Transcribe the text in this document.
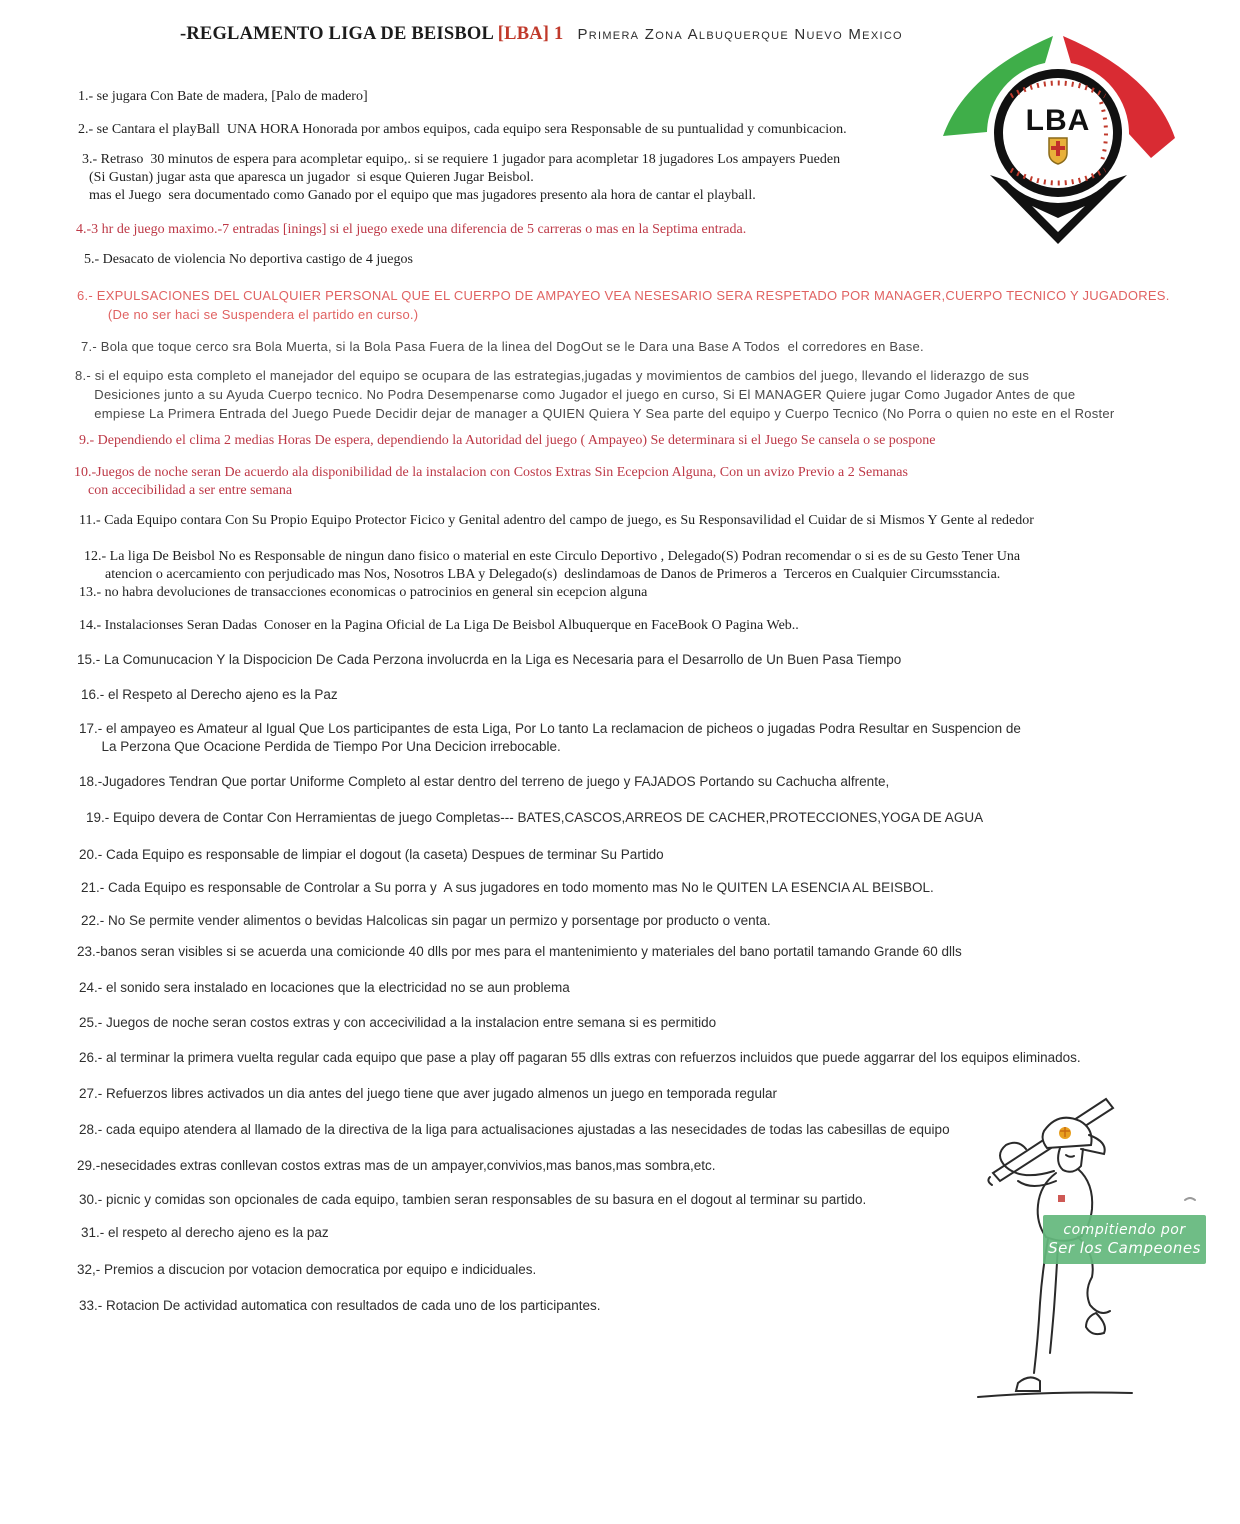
-REGLAMENTO LIGA DE BEISBOL [LBA] 1 Primera Zona Albuquerque Nuevo Mexico
1.- se jugara Con Bate de madera, [Palo de madero]
2.- se Cantara el playBall  UNA HORA Honorada por ambos equipos, cada equipo sera Responsable de su puntualidad y comunbicacion.
3.- Retraso  30 minutos de espera para acompletar equipo,. si se requiere 1 jugador para acompletar 18 jugadores Los ampayers Pueden
(Si Gustan) jugar asta que aparesca un jugador  si esque Quieren Jugar Beisbol.
mas el Juego  sera documentado como Ganado por el equipo que mas jugadores presento ala hora de cantar el playball.
4.-3 hr de juego maximo.-7 entradas [inings] si el juego exede una diferencia de 5 carreras o mas en la Septima entrada.
5.- Desacato de violencia No deportiva castigo de 4 juegos
6.- EXPULSACIONES DEL CUALQUIER PERSONAL QUE EL CUERPO DE AMPAYEO VEA NESESARIO SERA RESPETADO POR MANAGER,CUERPO TECNICO Y JUGADORES.
(De no ser haci se Suspendera el partido en curso.)
7.- Bola que toque cerco sra Bola Muerta, si la Bola Pasa Fuera de la linea del DogOut se le Dara una Base A Todos  el corredores en Base.
8.- si el equipo esta completo el manejador del equipo se ocupara de las estrategias,jugadas y movimientos de cambios del juego, llevando el liderazgo de sus
Desiciones junto a su Ayuda Cuerpo tecnico. No Podra Desempenarse como Jugador el juego en curso, Si El MANAGER Quiere jugar Como Jugador Antes de que
empiese La Primera Entrada del Juego Puede Decidir dejar de manager a QUIEN Quiera Y Sea parte del equipo y Cuerpo Tecnico (No Porra o quien no este en el Roster
9.- Dependiendo el clima 2 medias Horas De espera, dependiendo la Autoridad del juego ( Ampayeo) Se determinara si el Juego Se cansela o se pospone
10.-Juegos de noche seran De acuerdo ala disponibilidad de la instalacion con Costos Extras Sin Ecepcion Alguna, Con un avizo Previo a 2 Semanas
con accecibilidad a ser entre semana
11.- Cada Equipo contara Con Su Propio Equipo Protector Ficico y Genital adentro del campo de juego, es Su Responsavilidad el Cuidar de si Mismos Y Gente al rededor
12.- La liga De Beisbol No es Responsable de ningun dano fisico o material en este Circulo Deportivo , Delegado(S) Podran recomendar o si es de su Gesto Tener Una
atencion o acercamiento con perjudicado mas Nos, Nosotros LBA y Delegado(s)  deslindamoas de Danos de Primeros a  Terceros en Cualquier Circumsstancia.
13.- no habra devoluciones de transacciones economicas o patrocinios en general sin ecepcion alguna
14.- Instalacionses Seran Dadas  Conoser en la Pagina Oficial de La Liga De Beisbol Albuquerque en FaceBook O Pagina Web..
15.- La Comunucacion Y la Dispocicion De Cada Perzona involucrda en la Liga es Necesaria para el Desarrollo de Un Buen Pasa Tiempo
16.- el Respeto al Derecho ajeno es la Paz
17.- el ampayeo es Amateur al Igual Que Los participantes de esta Liga, Por Lo tanto La reclamacion de picheos o jugadas Podra Resultar en Suspencion de
La Perzona Que Ocacione Perdida de Tiempo Por Una Decicion irrebocable.
18.-Jugadores Tendran Que portar Uniforme Completo al estar dentro del terreno de juego y FAJADOS Portando su Cachucha alfrente,
19.- Equipo devera de Contar Con Herramientas de juego Completas--- BATES,CASCOS,ARREOS DE CACHER,PROTECCIONES,YOGA DE AGUA
20.- Cada Equipo es responsable de limpiar el dogout (la caseta) Despues de terminar Su Partido
21.- Cada Equipo es responsable de Controlar a Su porra y  A sus jugadores en todo momento mas No le QUITEN LA ESENCIA AL BEISBOL.
22.- No Se permite vender alimentos o bevidas Halcolicas sin pagar un permizo y porsentage por producto o venta.
23.-banos seran visibles si se acuerda una comicionde 40 dlls por mes para el mantenimiento y materiales del bano portatil tamando Grande 60 dlls
24.- el sonido sera instalado en locaciones que la electricidad no se aun problema
25.- Juegos de noche seran costos extras y con accecivilidad a la instalacion entre semana si es permitido
26.- al terminar la primera vuelta regular cada equipo que pase a play off pagaran 55 dlls extras con refuerzos incluidos que puede aggarrar del los equipos eliminados.
27.- Refuerzos libres activados un dia antes del juego tiene que aver jugado almenos un juego en temporada regular
28.- cada equipo atendera al llamado de la directiva de la liga para actualisaciones ajustadas a las nesecidades de todas las cabesillas de equipo
29.-nesecidades extras conllevan costos extras mas de un ampayer,convivios,mas banos,mas sombra,etc.
30.- picnic y comidas son opcionales de cada equipo, tambien seran responsables de su basura en el dogout al terminar su partido.
31.- el respeto al derecho ajeno es la paz
32,- Premios a discucion por votacion democratica por equipo e indiciduales.
33.- Rotacion De actividad automatica con resultados de cada uno de los participantes.
LBA
compitiendo por
Ser los Campeones
